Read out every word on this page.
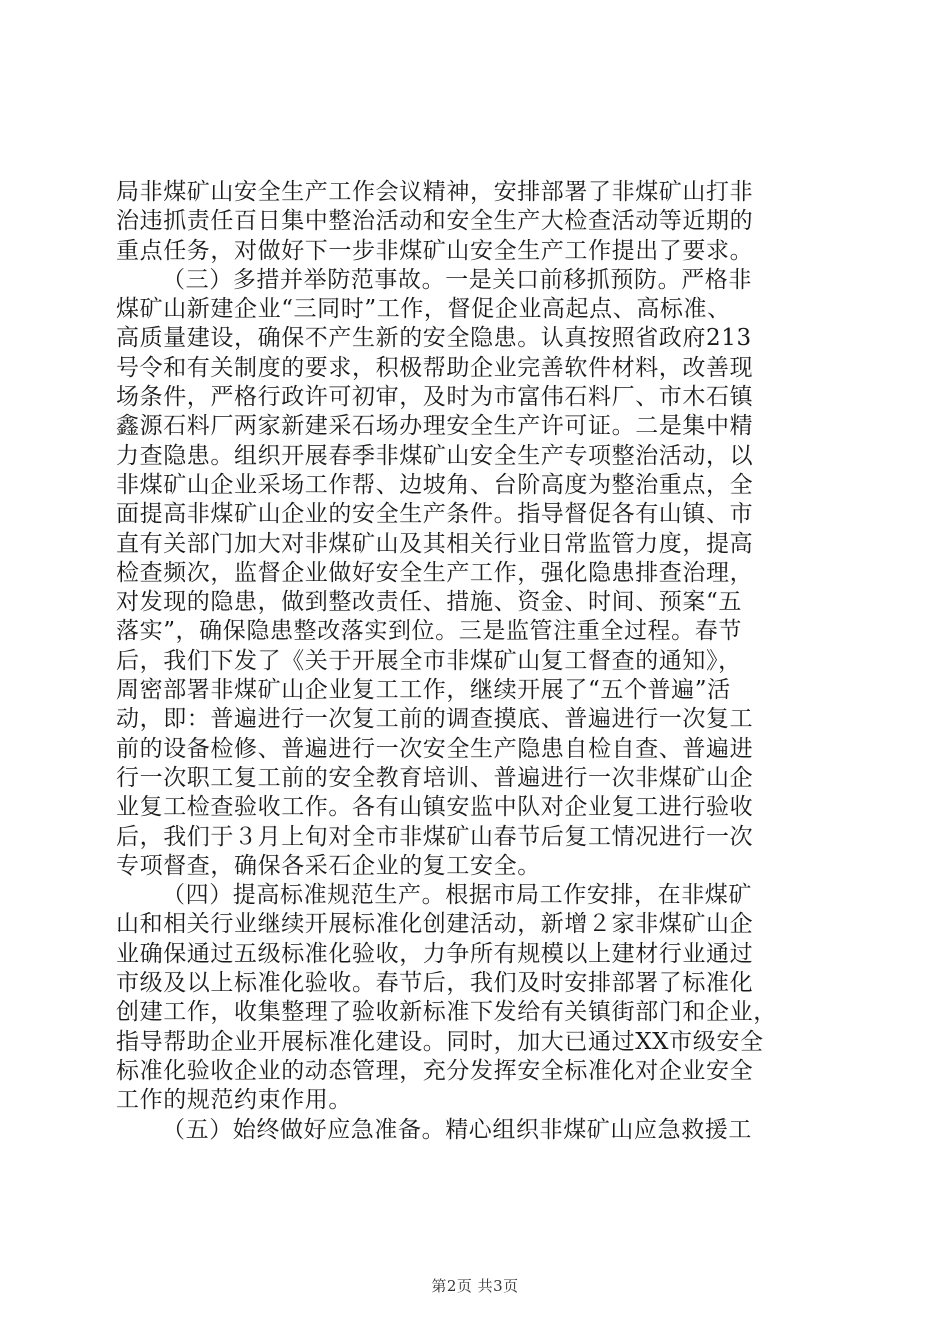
局非煤矿山安全生产工作会议精神，安排部署了非煤矿山打非
治违抓责任百日集中整治活动和安全生产大检查活动等近期的
重点任务，对做好下一步非煤矿山安全生产工作提出了要求。
（三）多措并举防范事故。一是关口前移抓预防。严格非
煤矿山新建企业“三同时”工作，督促企业高起点、高标准、
高质量建设，确保不产生新的安全隐患。认真按照省政府213
号令和有关制度的要求，积极帮助企业完善软件材料，改善现
场条件，严格行政许可初审，及时为市富伟石料厂、市木石镇
鑫源石料厂两家新建采石场办理安全生产许可证。二是集中精
力查隐患。组织开展春季非煤矿山安全生产专项整治活动，以
非煤矿山企业采场工作帮、边坡角、台阶高度为整治重点，全
面提高非煤矿山企业的安全生产条件。指导督促各有山镇、市
直有关部门加大对非煤矿山及其相关行业日常监管力度，提高
检查频次，监督企业做好安全生产工作，强化隐患排查治理，
对发现的隐患，做到整改责任、措施、资金、时间、预案“五
落实”，确保隐患整改落实到位。三是监管注重全过程。春节
后，我们下发了《关于开展全市非煤矿山复工督查的通知》，
周密部署非煤矿山企业复工工作，继续开展了“五个普遍”活
动，即：普遍进行一次复工前的调查摸底、普遍进行一次复工
前的设备检修、普遍进行一次安全生产隐患自检自查、普遍进
行一次职工复工前的安全教育培训、普遍进行一次非煤矿山企
业复工检查验收工作。各有山镇安监中队对企业复工进行验收
后，我们于３月上旬对全市非煤矿山春节后复工情况进行一次
专项督查，确保各采石企业的复工安全。
（四）提高标准规范生产。根据市局工作安排，在非煤矿
山和相关行业继续开展标准化创建活动，新增２家非煤矿山企
业确保通过五级标准化验收，力争所有规模以上建材行业通过
市级及以上标准化验收。春节后，我们及时安排部署了标准化
创建工作，收集整理了验收新标准下发给有关镇街部门和企业，
指导帮助企业开展标准化建设。同时，加大已通过XX市级安全
标准化验收企业的动态管理，充分发挥安全标准化对企业安全
工作的规范约束作用。
（五）始终做好应急准备。精心组织非煤矿山应急救援工
第2页 共3页
